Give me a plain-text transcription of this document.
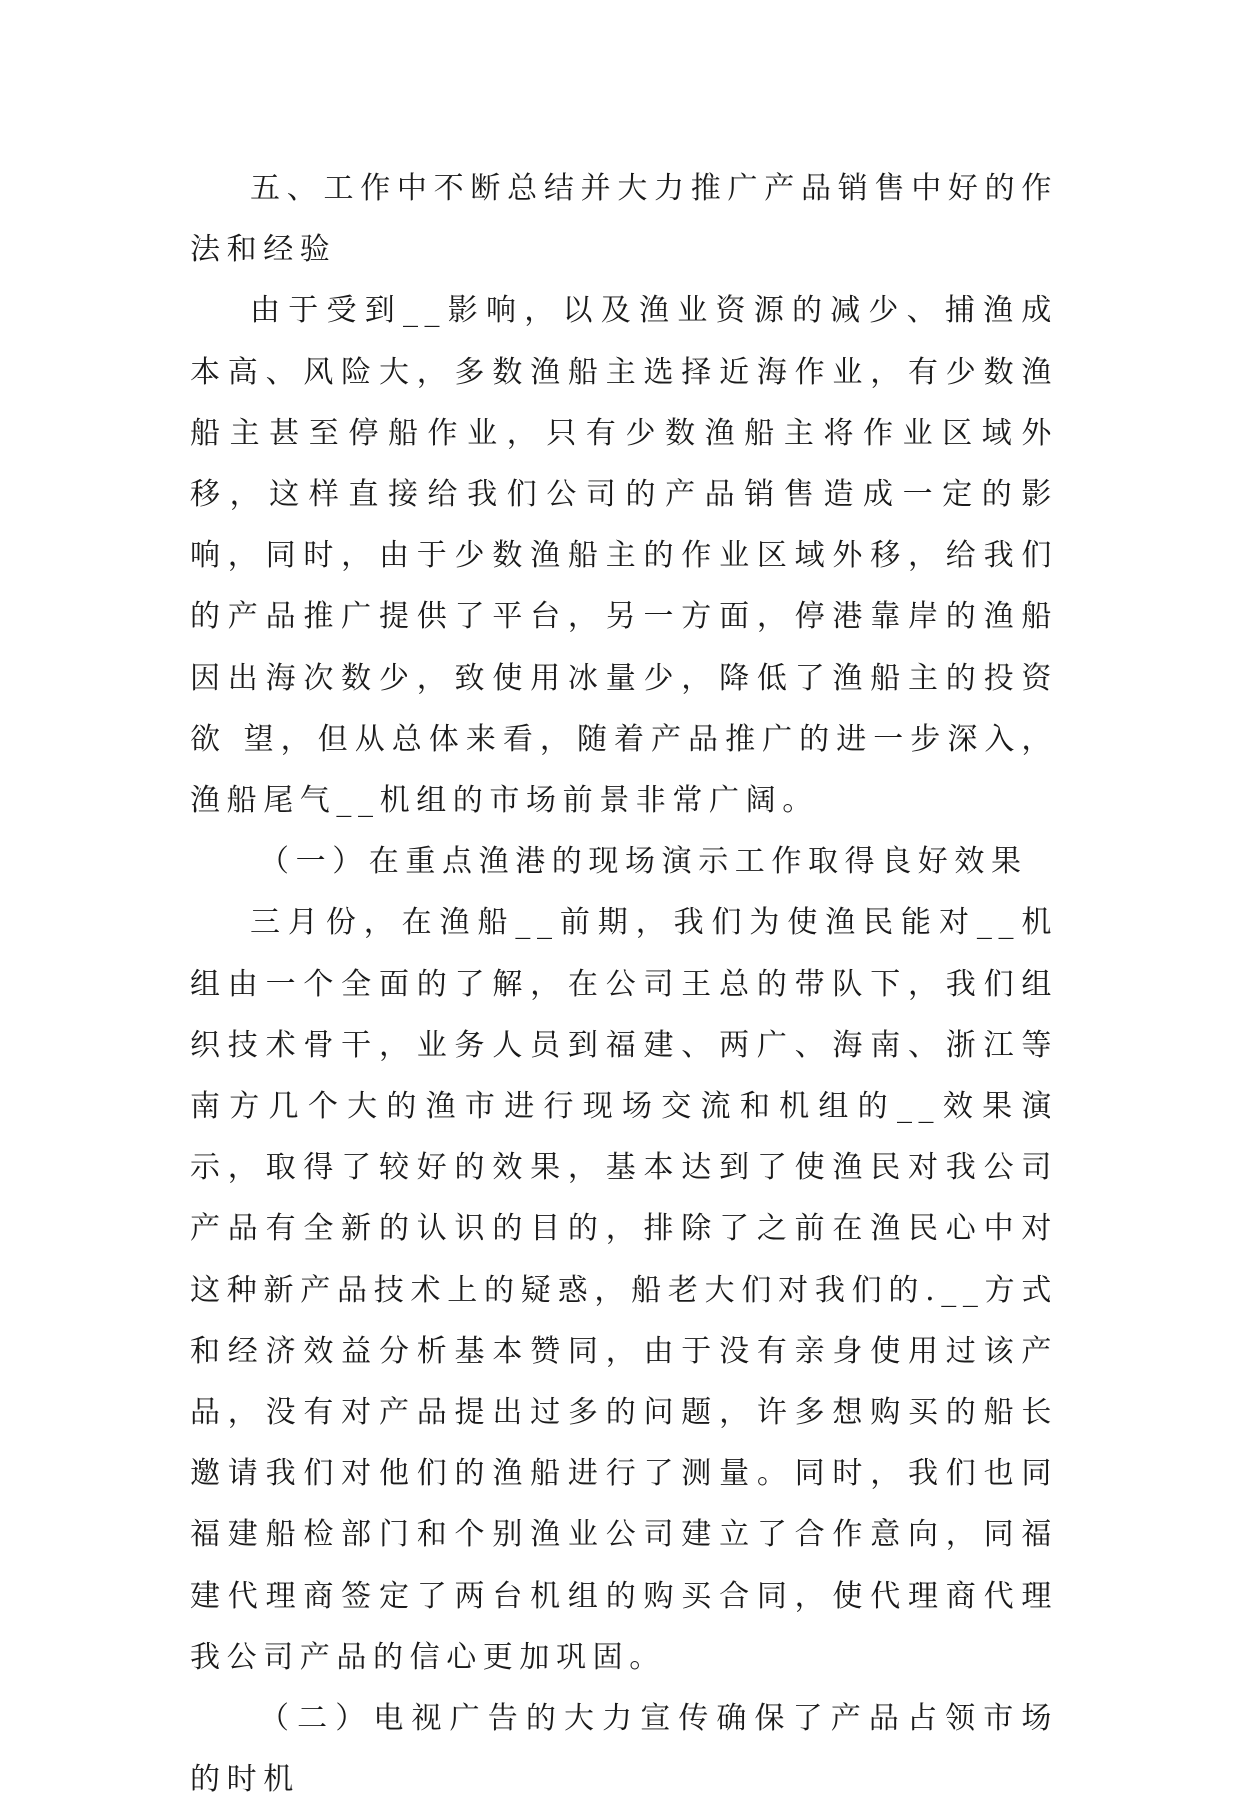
五、工作中不断总结并大力推广产品销售中好的作法和经验

由于受到__影响，以及渔业资源的减少、捕渔成本高、风险大，多数渔船主选择近海作业，有少数渔船主甚至停船作业，只有少数渔船主将作业区域外移，这样直接给我们公司的产品销售造成一定的影响，同时，由于少数渔船主的作业区域外移，给我们的产品推广提供了平台，另一方面，停港靠岸的渔船因出海次数少，致使用冰量少，降低了渔船主的投资欲 望，但从总体来看，随着产品推广的进一步深入，渔船尾气__机组的市场前景非常广阔。

（一）在重点渔港的现场演示工作取得良好效果

三月份，在渔船__前期，我们为使渔民能对__机组由一个全面的了解，在公司王总的带队下，我们组织技术骨干，业务人员到福建、两广、海南、浙江等南方几个大的渔市进行现场交流和机组的__效果演示，取得了较好的效果，基本达到了使渔民对我公司产品有全新的认识的目的，排除了之前在渔民心中对这种新产品技术上的疑惑，船老大们对我们的.__方式和经济效益分析基本赞同，由于没有亲身使用过该产品，没有对产品提出过多的问题，许多想购买的船长邀请我们对他们的渔船进行了测量。同时，我们也同福建船检部门和个别渔业公司建立了合作意向，同福建代理商签定了两台机组的购买合同，使代理商代理我公司产品的信心更加巩固。

（二）电视广告的大力宣传确保了产品占领市场的时机
